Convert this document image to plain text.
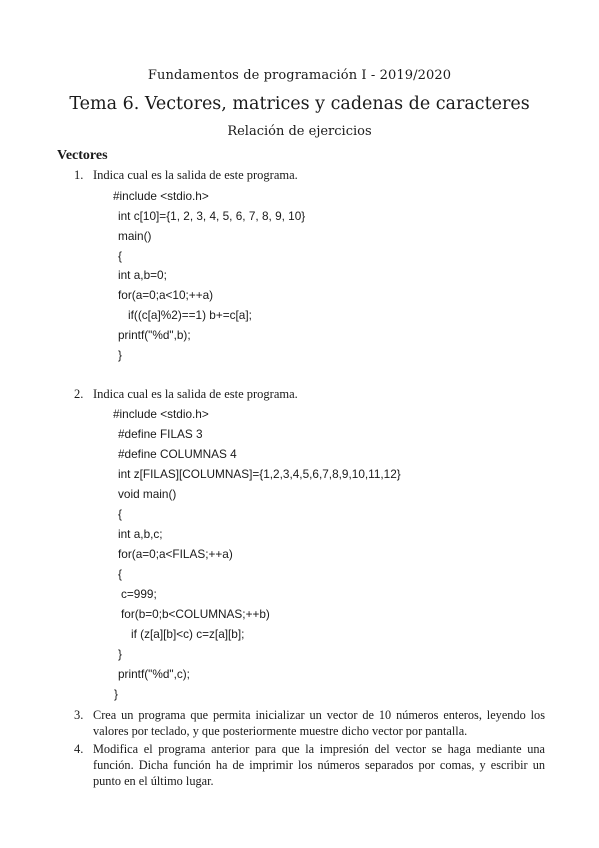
Fundamentos de programación I - 2019/2020
Tema 6. Vectores, matrices y cadenas de caracteres
Relación de ejercicios
Vectores
1. Indica cual es la salida de este programa.
#include <stdio.h>
int c[10]={1, 2, 3, 4, 5, 6, 7, 8, 9, 10}
main()
{
int a,b=0;
for(a=0;a<10;++a)
if((c[a]%2)==1) b+=c[a];
printf("%d",b);
}
2. Indica cual es la salida de este programa.
#include <stdio.h>
#define FILAS 3
#define COLUMNAS 4
int z[FILAS][COLUMNAS]={1,2,3,4,5,6,7,8,9,10,11,12}
void main()
{
int a,b,c;
for(a=0;a<FILAS;++a)
{
c=999;
for(b=0;b<COLUMNAS;++b)
if (z[a][b]<c) c=z[a][b];
}
printf("%d",c);
}
3. Crea un programa que permita inicializar un vector de 10 números enteros, leyendo los valores por teclado, y que posteriormente muestre dicho vector por pantalla.
4. Modifica el programa anterior para que la impresión del vector se haga mediante una función. Dicha función ha de imprimir los números separados por comas, y escribir un punto en el último lugar.
